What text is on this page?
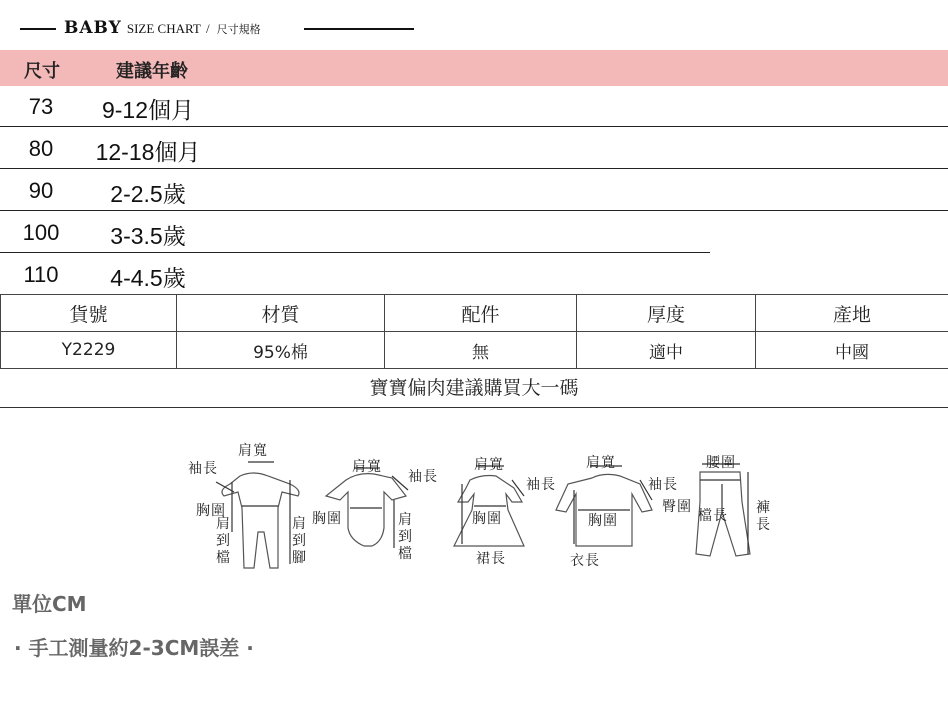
BABY SIZE CHART / 尺寸規格
尺寸	建議年齡
73	9-12個月
80	12-18個月
90	2-2.5歲
100	3-3.5歲
110	4-4.5歲
貨號	材質	配件	厚度	產地
Y2229	95%棉	無	適中	中國
寶寶偏肉建議購買大一碼
肩寬
袖長
胸圍
肩到檔
肩到腳
肩寬
袖長
胸圍	肩到檔
肩寬
袖長
胸圍
裙長
肩寬
袖長
胸圍
衣長
腰圍
臀圍
檔長 褲長
單位CM
· 手工測量約2-3CM誤差 ·
